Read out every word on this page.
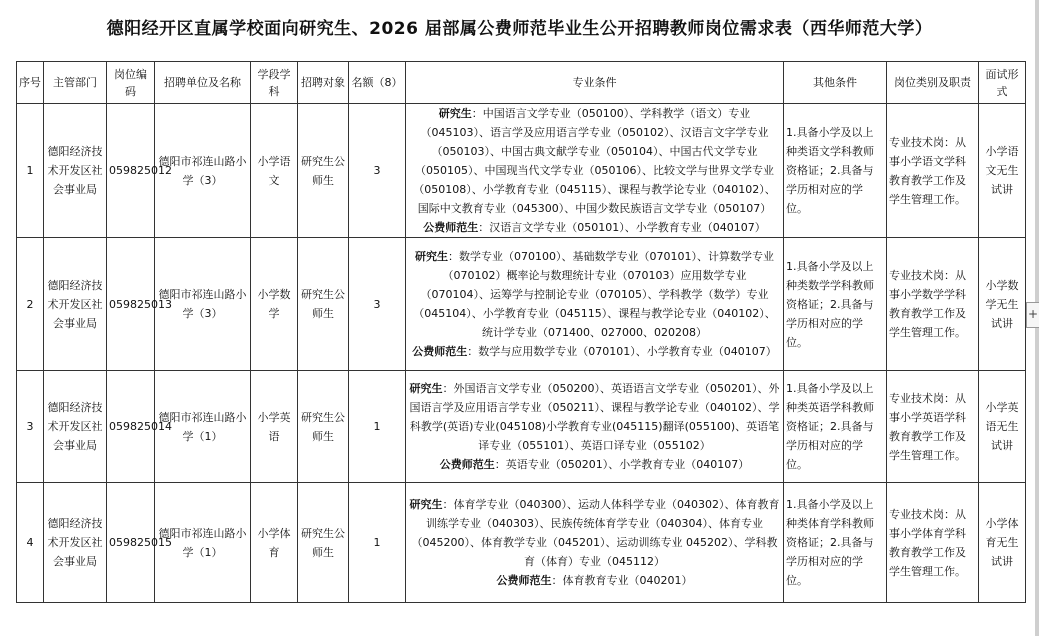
德阳经开区直属学校面向研究生、2026 届部属公费师范毕业生公开招聘教师岗位需求表（西华师范大学）
序号	主管部门	岗位编码	招聘单位及名称	学段学科	招聘对象	名额（8）	专业条件	其他条件	岗位类别及职责	面试形式
1	德阳经济技术开发区社会事业局	059825012	德阳市祁连山路小学（3）	小学语文	研究生公师生	3	研究生：中国语言文学专业（050100）、学科教学（语文）专业（045103）、语言学及应用语言学专业（050102）、汉语言文字学专业（050103）、中国古典文献学专业（050104）、中国古代文学专业（050105）、中国现当代文学专业（050106）、比较文学与世界文学专业（050108）、小学教育专业（045115）、课程与教学论专业（040102）、国际中文教育专业（045300）、中国少数民族语言文学专业（050107）
公费师范生：汉语言文学专业（050101）、小学教育专业（040107）	1.具备小学及以上种类语文学科教师资格证；2.具备与学历相对应的学位。	专业技术岗：从事小学语文学科教育教学工作及学生管理工作。	小学语文无生试讲
2	德阳经济技术开发区社会事业局	059825013	德阳市祁连山路小学（3）	小学数学	研究生公师生	3	研究生：数学专业（070100）、基础数学专业（070101）、计算数学专业（070102）概率论与数理统计专业（070103）应用数学专业（070104）、运筹学与控制论专业（070105）、学科教学（数学）专业（045104）、小学教育专业（045115）、课程与教学论专业（040102）、统计学专业（071400、027000、020208）
公费师范生：数学与应用数学专业（070101）、小学教育专业（040107）	1.具备小学及以上种类数学学科教师资格证；2.具备与学历相对应的学位。	专业技术岗：从事小学数学学科教育教学工作及学生管理工作。	小学数学无生试讲
3	德阳经济技术开发区社会事业局	059825014	德阳市祁连山路小学（1）	小学英语	研究生公师生	1	研究生：外国语言文学专业（050200）、英语语言文学专业（050201）、外国语言学及应用语言学专业（050211）、课程与教学论专业（040102）、学科教学(英语)专业(045108)小学教育专业(045115)翻译(055100)、英语笔译专业（055101）、英语口译专业（055102）
公费师范生：英语专业（050201）、小学教育专业（040107）	1.具备小学及以上种类英语学科教师资格证；2.具备与学历相对应的学位。	专业技术岗：从事小学英语学科教育教学工作及学生管理工作。	小学英语无生试讲
4	德阳经济技术开发区社会事业局	059825015	德阳市祁连山路小学（1）	小学体育	研究生公师生	1	研究生：体育学专业（040300）、运动人体科学专业（040302）、体育教育训练学专业（040303）、民族传统体育学专业（040304）、体育专业（045200）、体育教学专业（045201）、运动训练专业 045202）、学科教育（体育）专业（045112）
公费师范生：体育教育专业（040201）	1.具备小学及以上种类体育学科教师资格证；2.具备与学历相对应的学位。	专业技术岗：从事小学体育学科教育教学工作及学生管理工作。	小学体育无生试讲
+
